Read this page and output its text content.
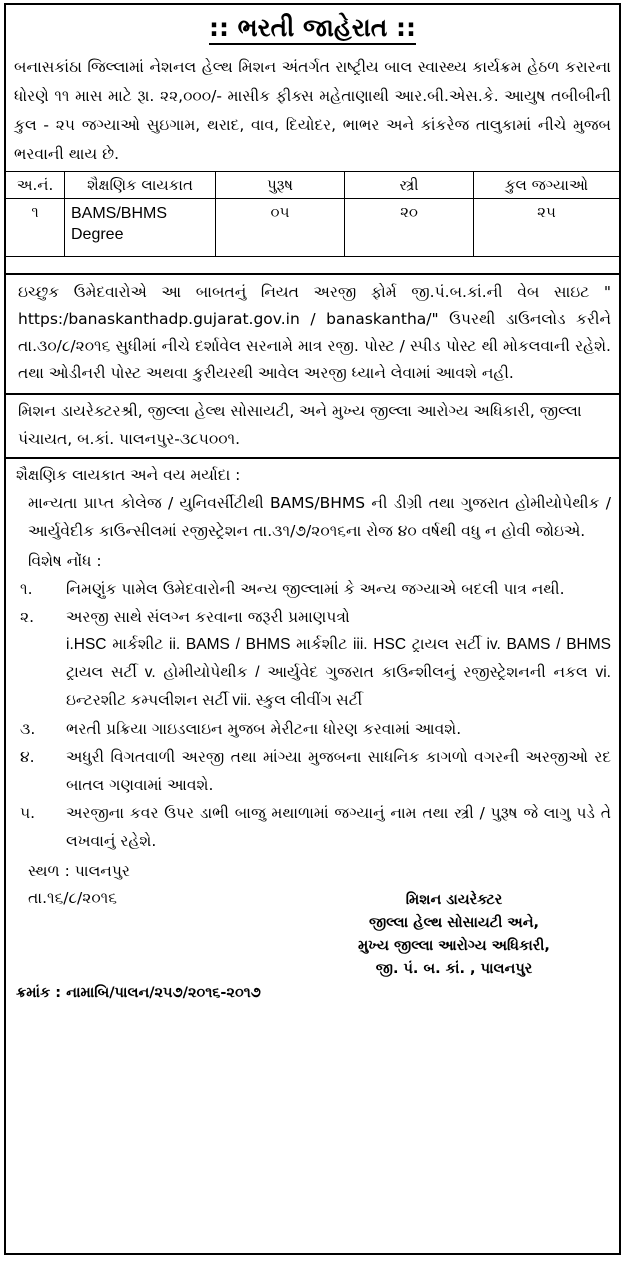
:: ભરતી જાહેરાત ::
બનાસકાંઠા જિલ્લામાં નેશનલ હેલ્થ મિશન અંતર્ગત રાષ્ટ્રીય બાલ સ્વાસ્થ્ય કાર્યક્રમ હેઠળ કરારના ધોરણે ૧૧ માસ માટે રૂા. ૨૨,૦૦૦/- માસીક ફીક્સ મહેતાણાથી આર.બી.એસ.કે. આયુષ તબીબીની કુલ - ૨૫ જગ્યાઓ સુઇગામ, થરાદ, વાવ, દિયોદર, ભાભર અને કાંકરેજ તાલુકામાં નીચે મુજબ ભરવાની થાય છે.
અ.નં.	શૈક્ષણિક લાયકાત	પુરૂષ	સ્ત્રી	કુલ જગ્યાઓ
૧	BAMS/BHMS Degree	૦૫	૨૦	૨૫
ઇચ્છુક ઉમેદવારોએ આ બાબતનું નિયત અરજી ફોર્મ જી.પં.બ.કાં.ની વેબ સાઇટ " https:/banaskanthadp.gujarat.gov.in / banaskantha/" ઉપરથી ડાઉનલોડ કરીને તા.૩૦/૮/૨૦૧૬ સુધીમાં નીચે દર્શાવેલ સરનામે માત્ર રજી. પોસ્ટ / સ્પીડ પોસ્ટ થી મોકલવાની રહેશે. તથા ઓડીનરી પોસ્ટ અથવા કુરીયરથી આવેલ અરજી ધ્યાને લેવામાં આવશે નહી.
મિશન ડાયરેક્ટરશ્રી, જીલ્લા હેલ્થ સોસાયટી, અને મુખ્ય જીલ્લા આરોગ્ય અધિકારી, જીલ્લા પંચાયત, બ.કાં. પાલનપુર-૩૮૫૦૦૧.
શૈક્ષણિક લાયકાત અને વય મર્યાદા :
માન્યતા પ્રાપ્ત કોલેજ / યુનિવર્સીટીથી BAMS/BHMS ની ડીગ્રી તથા ગુજરાત હોમીયોપેથીક / આર્યુવેદીક કાઉન્સીલમાં રજીસ્ટ્રેશન તા.૩૧/૭/૨૦૧૬ના રોજ ૪૦ વર્ષથી વધુ ન હોવી જોઇએ.
વિશેષ નોંધ :
૧.	નિમણુંક પામેલ ઉમેદવારોની અન્ય જીલ્લામાં કે અન્ય જગ્યાએ બદલી પાત્ર નથી.
૨.	અરજી સાથે સંલગ્ન કરવાના જરૂરી પ્રમાણપત્રો
i.HSC માર્કશીટ ii. BAMS / BHMS માર્કશીટ iii. HSC ટ્રાયલ સર્ટી iv. BAMS / BHMS ટ્રાયલ સર્ટી v. હોમીયોપેથીક / આર્યુવેદ ગુજરાત કાઉન્શીલનું રજીસ્ટ્રેશનની નકલ vi. ઇન્ટરશીટ કમ્પલીશન સર્ટી vii. સ્કુલ લીવીંગ સર્ટી
૩.	ભરતી પ્રક્રિયા ગાઇડલાઇન મુજબ મેરીટના ધોરણ કરવામાં આવશે.
૪.	અધુરી વિગતવાળી અરજી તથા માંગ્યા મુજબના સાધનિક કાગળો વગરની અરજીઓ રદ બાતલ ગણવામાં આવશે.
૫.	અરજીના કવર ઉપર ડાભી બાજુ મથાળામાં જગ્યાનું નામ તથા સ્ત્રી / પુરૂષ જે લાગુ પડે તે લખવાનું રહેશે.
સ્થળ : પાલનપુર
તા.૧૬/૮/૨૦૧૬	મિશન ડાયરેક્ટર
જીલ્લા હેલ્થ સોસાયટી અને,
મુખ્ય જીલ્લા આરોગ્ય અધિકારી,
જી. પં. બ. કાં. , પાલનપુર
ક્રમાંક : નામાબિ/પાલન/૨૫૭/૨૦૧૬-૨૦૧૭
